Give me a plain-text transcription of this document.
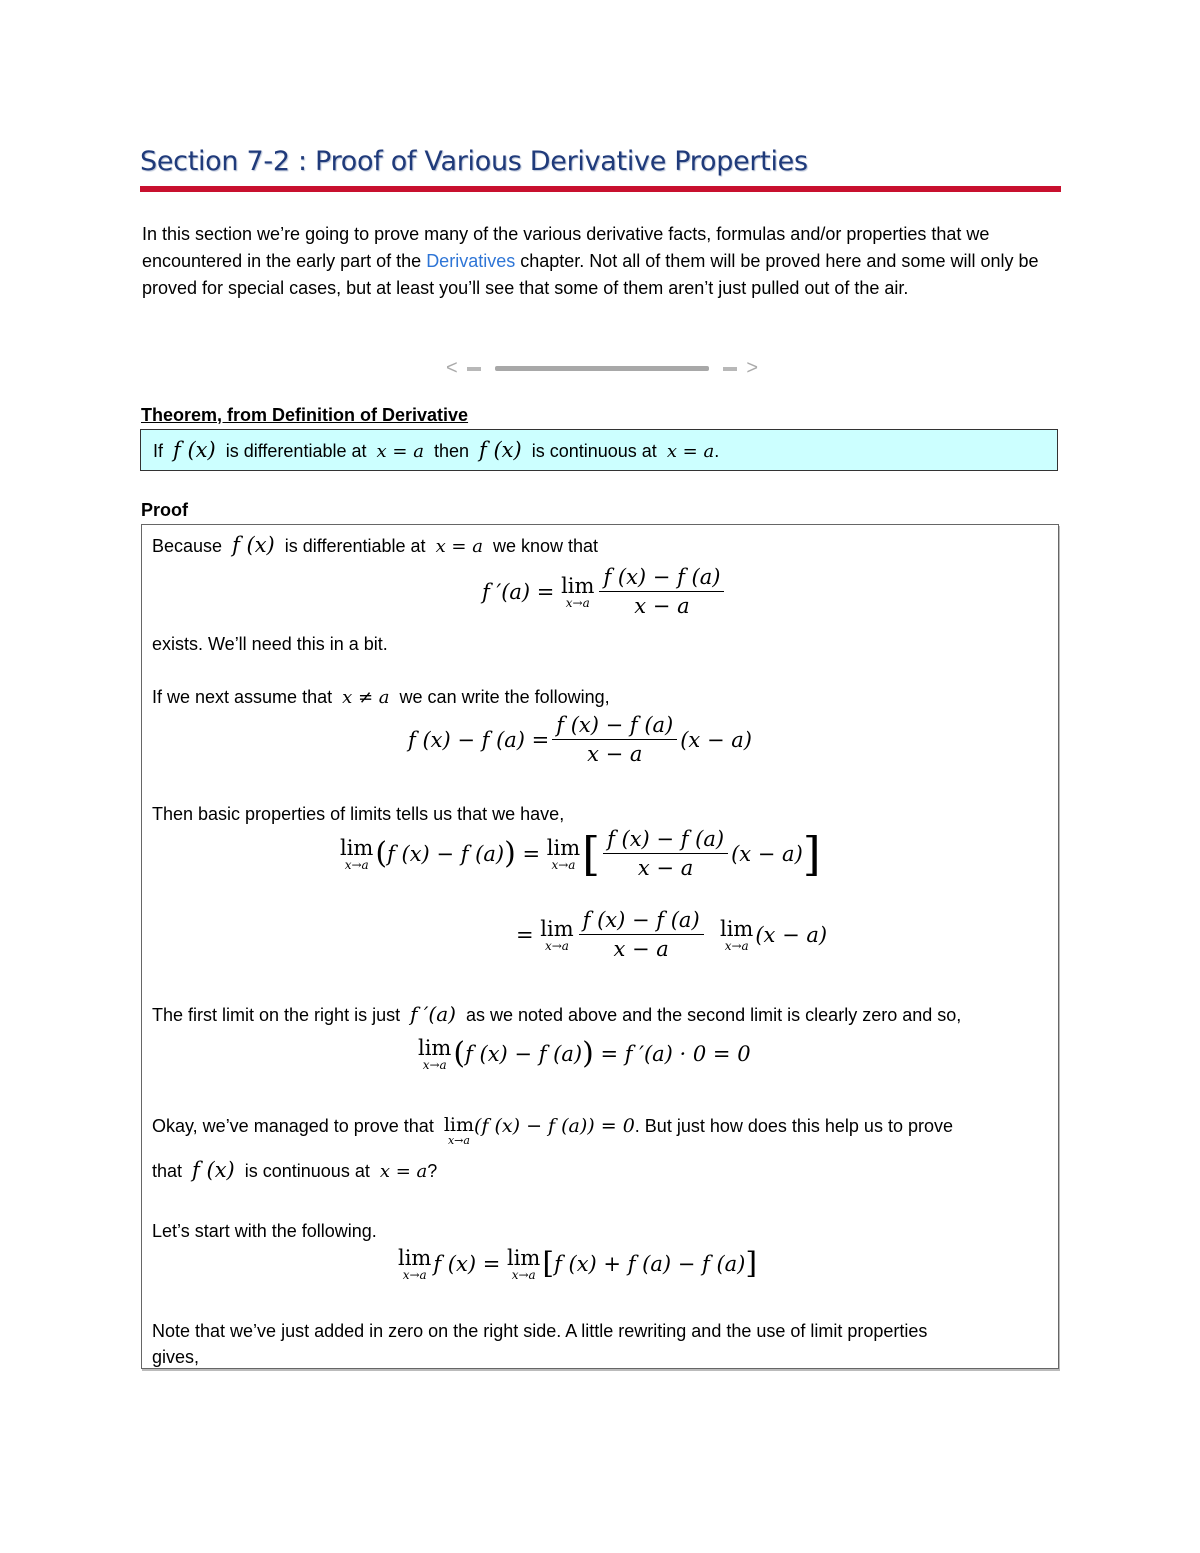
Section 7-2 : Proof of Various Derivative Properties

In this section we’re going to prove many of the various derivative facts, formulas and/or properties that we encountered in the early part of the Derivatives chapter. Not all of them will be proved here and some will only be proved for special cases, but at least you’ll see that some of them aren’t just pulled out of the air.

<	>
Theorem, from Definition of Derivative
If f (x) is differentiable at x = a then f (x) is continuous at x = a.
Proof
Because f (x) is differentiable at x = a we know that
f ′(a) =
lim
$x\to a \frac{f (x) - f (a)}{x - a}$
exists. We’ll need this in a bit.
If we next assume that x ≠ a we can write the following,
f (x) − f $(a) = \frac{f (x) - f (a)}{x - a} (x - a)$
Then basic properties of limits tells us that we have,
lim
x→a ( f (x) − f (a) )
=
lim
x→a [ $\frac{f (x) - f (a)}{x - a} (x - a)$ ]
=
lim
$x\to a \frac{f (x) - f (a)}{x - a}$
lim
x→a (x − a)
The first limit on the right is just f ′(a) as we noted above and the second limit is clearly zero and so,
lim
x→a ( f (x) − f (a) )
= f ′(a) · 0 = 0
Okay, we’ve managed to prove that
lim
x→a
(f (x) − f (a)) = 0 . But just how does this help us to prove
that f (x) is continuous at x = a?
Let’s start with the following.
lim
x→a f (x) =
lim
x→a [ f (x) + f (a) − f (a) ]
Note that we’ve just added in zero on the right side. A little rewriting and the use of limit properties
gives,
